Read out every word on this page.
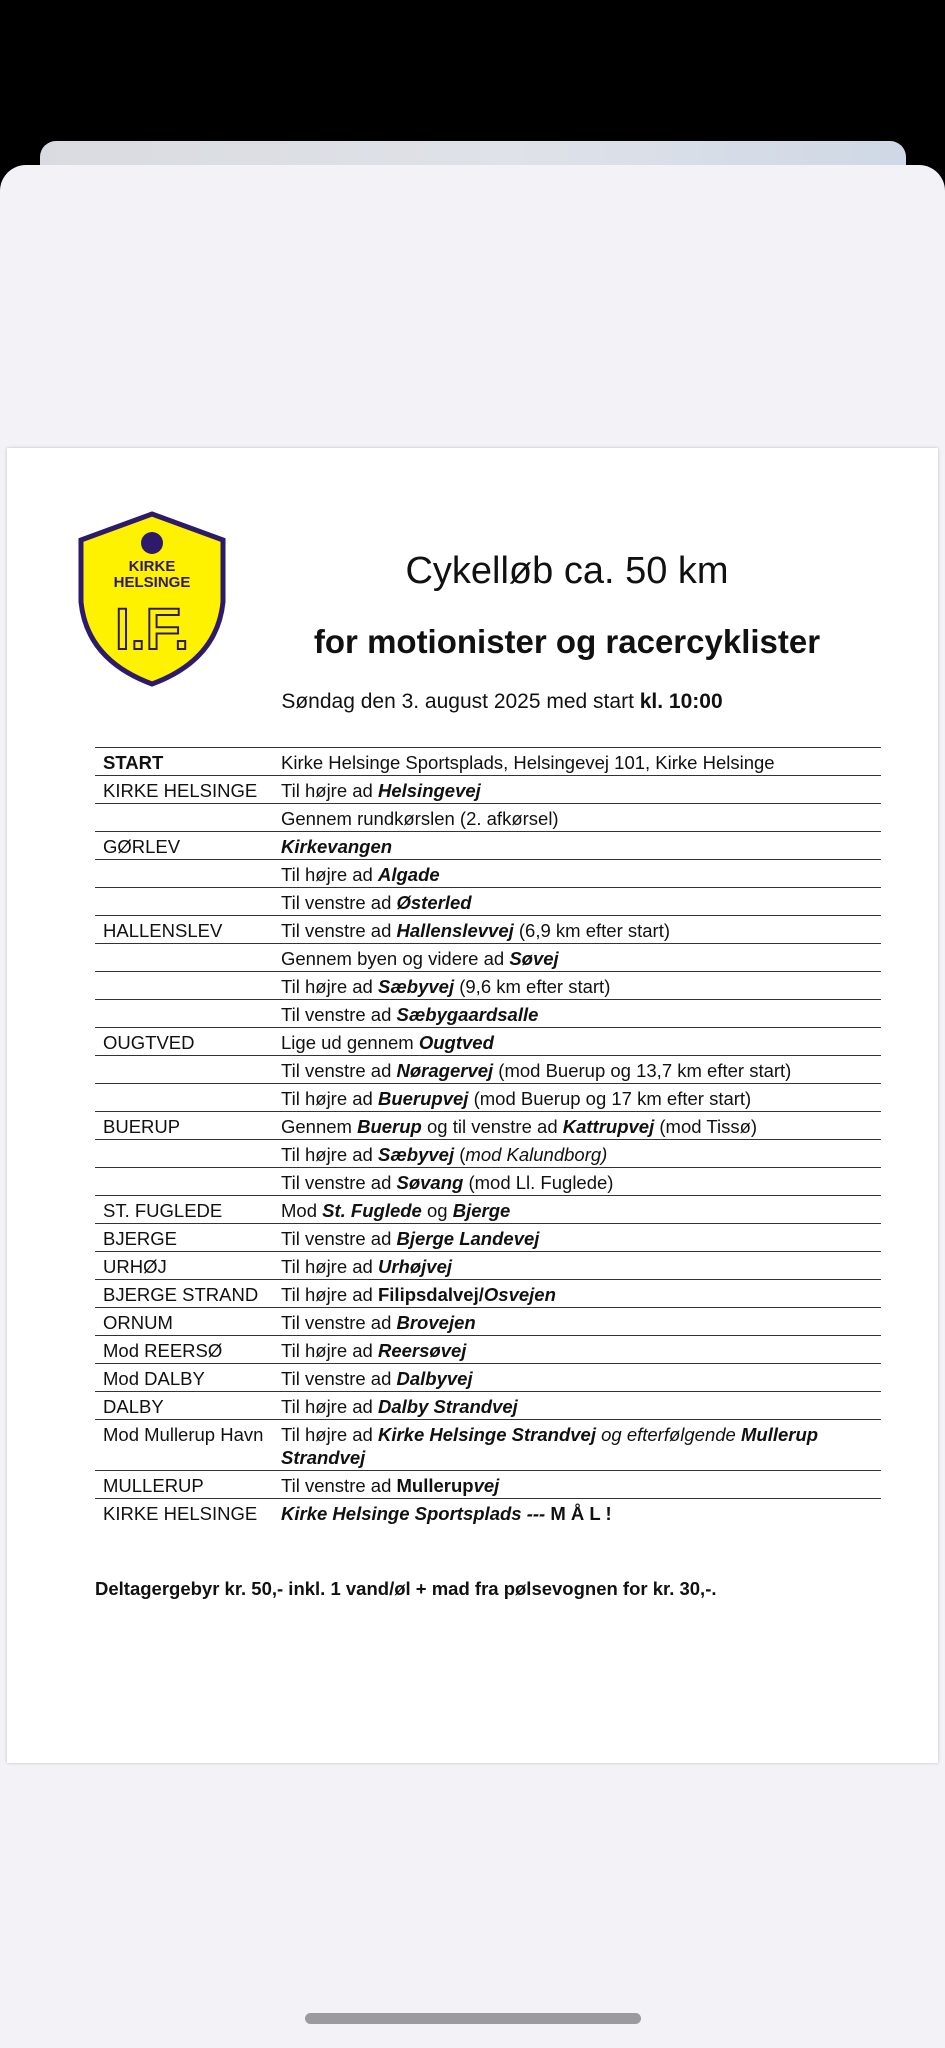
KIRKE
HELSINGE
I.F.
Cykelløb ca. 50 km
for motionister og racercyklister
Søndag den 3. august 2025 med start kl. 10:00
START	Kirke Helsinge Sportsplads, Helsingevej 101, Kirke Helsinge
KIRKE HELSINGE	Til højre ad Helsingevej
	Gennem rundkørslen (2. afkørsel)
GØRLEV	Kirkevangen
	Til højre ad Algade
	Til venstre ad Østerled
HALLENSLEV	Til venstre ad Hallenslevvej (6,9 km efter start)
	Gennem byen og videre ad Søvej
	Til højre ad Sæbyvej (9,6 km efter start)
	Til venstre ad Sæbygaardsalle
OUGTVED	Lige ud gennem Ougtved
	Til venstre ad Nøragervej (mod Buerup og 13,7 km efter start)
	Til højre ad Buerupvej (mod Buerup og 17 km efter start)
BUERUP	Gennem Buerup og til venstre ad Kattrupvej (mod Tissø)
	Til højre ad Sæbyvej (mod Kalundborg)
	Til venstre ad Søvang (mod Ll. Fuglede)
ST. FUGLEDE	Mod St. Fuglede og Bjerge
BJERGE	Til venstre ad Bjerge Landevej
URHØJ	Til højre ad Urhøjvej
BJERGE STRAND	Til højre ad Filipsdalvej/Osvejen
ORNUM	Til venstre ad Brovejen
Mod REERSØ	Til højre ad Reersøvej
Mod DALBY	Til venstre ad Dalbyvej
DALBY	Til højre ad Dalby Strandvej
Mod Mullerup Havn	Til højre ad Kirke Helsinge Strandvej og efterfølgende Mullerup Strandvej
MULLERUP	Til venstre ad Mullerupvej
KIRKE HELSINGE	Kirke Helsinge Sportsplads --- M Å L !
Deltagergebyr kr. 50,- inkl. 1 vand/øl + mad fra pølsevognen for kr. 30,-.
